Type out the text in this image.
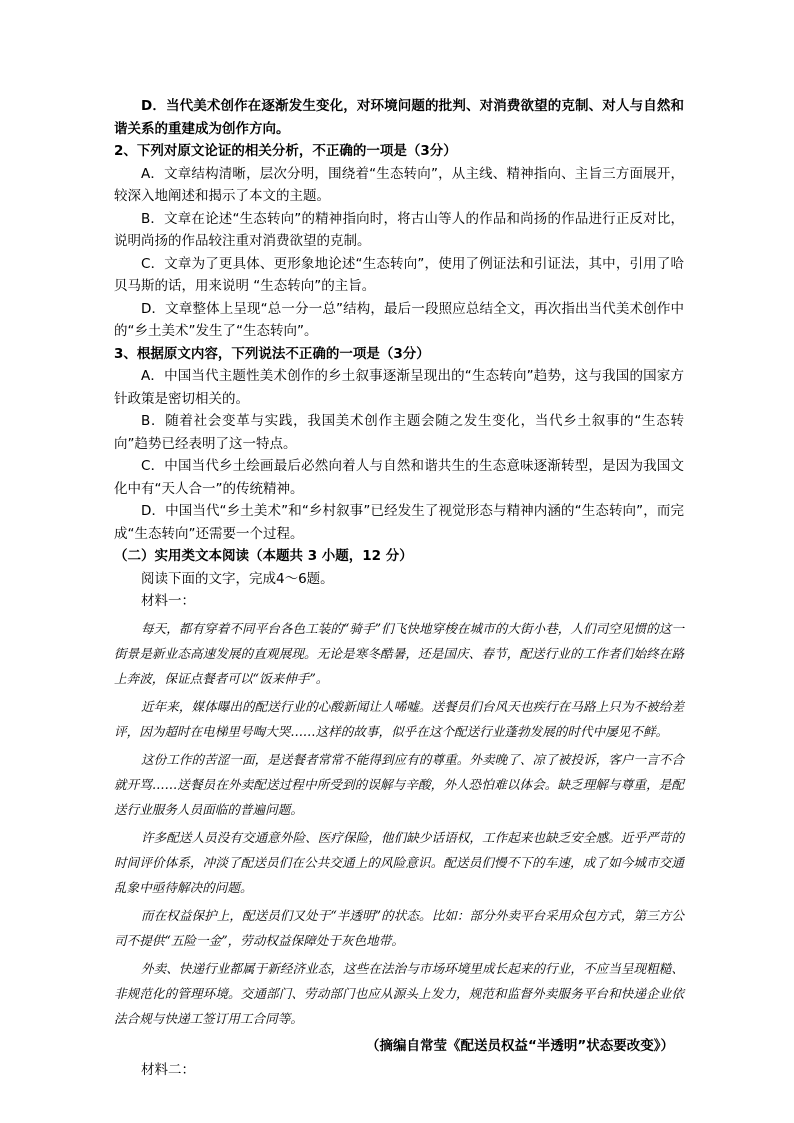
D．当代美术创作在逐渐发生变化，对环境问题的批判、对消费欲望的克制、对人与自然和谐关系的重建成为创作方向。

2、下列对原文论证的相关分析，不正确的一项是（3分）

A．文章结构清晰，层次分明，围绕着“生态转向”，从主线、精神指向、主旨三方面展开，较深入地阐述和揭示了本文的主题。

B．文章在论述“生态转向”的精神指向时，将古山等人的作品和尚扬的作品进行正反对比，说明尚扬的作品较注重对消费欲望的克制。

C．文章为了更具体、更形象地论述“生态转向”，使用了例证法和引证法，其中，引用了哈贝马斯的话，用来说明 “生态转向”的主旨。

D．文章整体上呈现“总一分一总”结构，最后一段照应总结全文，再次指出当代美术创作中的“乡土美术”发生了“生态转向”。

3、根据原文内容，下列说法不正确的一项是（3分）

A．中国当代主题性美术创作的乡土叙事逐渐呈现出的“生态转向”趋势，这与我国的国家方针政策是密切相关的。

B．随着社会变革与实践，我国美术创作主题会随之发生变化，当代乡土叙事的“生态转向”趋势已经表明了这一特点。

C．中国当代乡土绘画最后必然向着人与自然和谐共生的生态意味逐渐转型，是因为我国文化中有“天人合一”的传统精神。

D．中国当代“乡土美术”和“乡村叙事”已经发生了视觉形态与精神内涵的“生态转向”，而完成“生态转向”还需要一个过程。

（二）实用类文本阅读（本题共 3 小题，12 分）

阅读下面的文字，完成4～6题。

材料一：

每天，都有穿着不同平台各色工装的“骑手”们飞快地穿梭在城市的大街小巷，人们司空见惯的这一街景是新业态高速发展的直观展现。无论是寒冬酷暑，还是国庆、春节，配送行业的工作者们始终在路上奔波，保证点餐者可以“饭来伸手”。

近年来，媒体曝出的配送行业的心酸新闻让人唏嘘。送餐员们台风天也疾行在马路上只为不被给差评，因为超时在电梯里号啕大哭……这样的故事，似乎在这个配送行业蓬勃发展的时代中屡见不鲜。

这份工作的苦涩一面，是送餐者常常不能得到应有的尊重。外卖晚了、凉了被投诉，客户一言不合就开骂……送餐员在外卖配送过程中所受到的误解与辛酸，外人恐怕难以体会。缺乏理解与尊重，是配送行业服务人员面临的普遍问题。

许多配送人员没有交通意外险、医疗保险，他们缺少话语权，工作起来也缺乏安全感。近乎严苛的时间评价体系，冲淡了配送员们在公共交通上的风险意识。配送员们慢不下的车速，成了如今城市交通乱象中亟待解决的问题。

而在权益保护上，配送员们又处于“半透明”的状态。比如：部分外卖平台采用众包方式，第三方公司不提供“五险一金”，劳动权益保障处于灰色地带。

外卖、快递行业都属于新经济业态，这些在法治与市场环境里成长起来的行业，不应当呈现粗糙、非规范化的管理环境。交通部门、劳动部门也应从源头上发力，规范和监督外卖服务平台和快递企业依法合规与快递工签订用工合同等。

（摘编自常莹《配送员权益“半透明”状态要改变》）

材料二：
